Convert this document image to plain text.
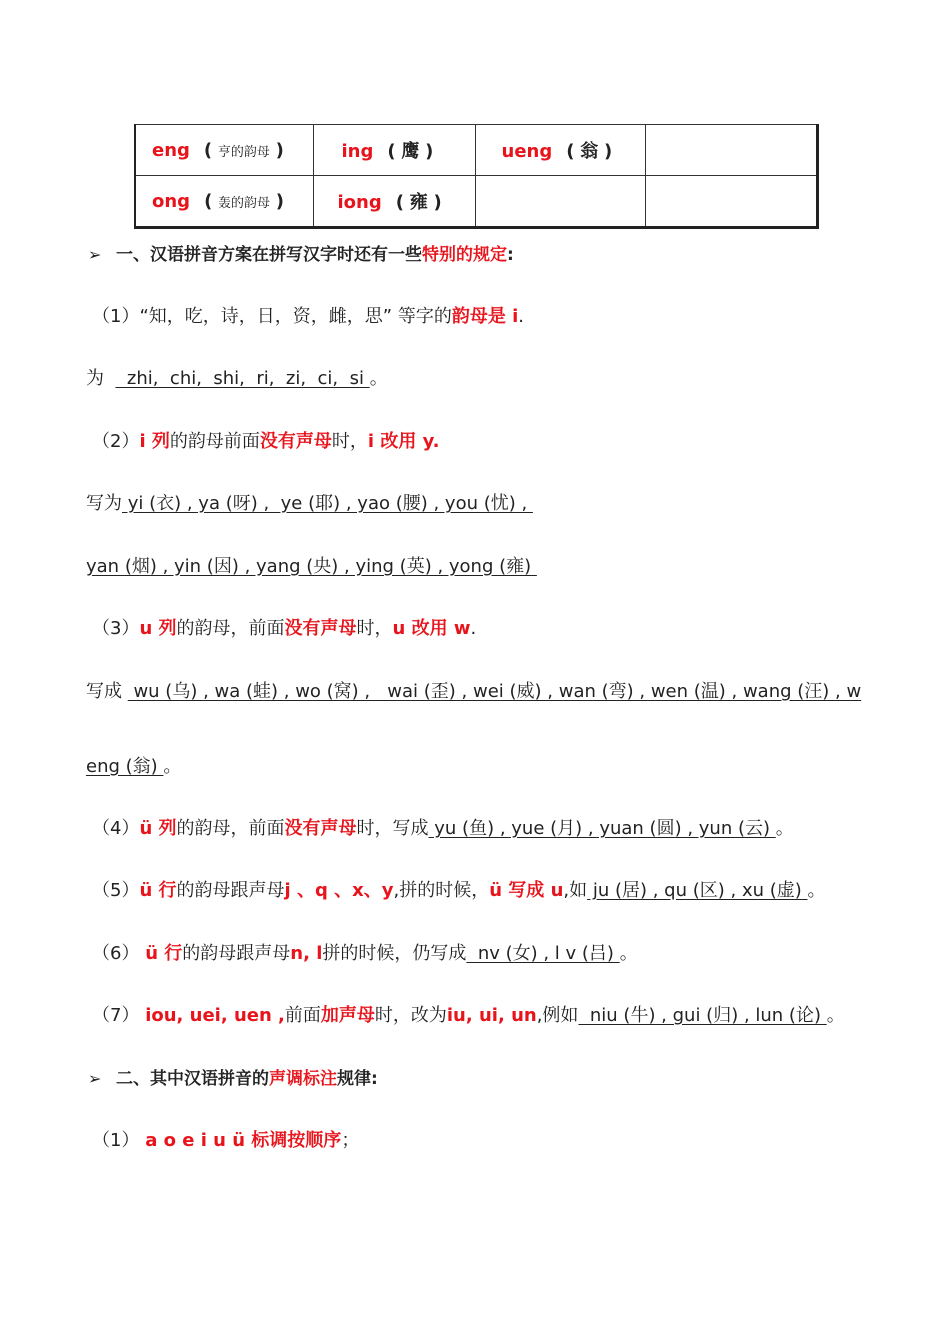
eng ( 亨的韵母 )	ing ( 鹰 )	ueng ( 翁 )	
ong ( 轰的韵母 )	iong ( 雍 )		
➢ 一、汉语拼音方案在拼写汉字时还有一些特别的规定:
（1）“知，吃，诗，日，资，雌，思” 等字的韵母是 i.
为    zhi,  chi,  shi,  ri,  zi,  ci,  si 。
（2）i 列的韵母前面没有声母时，i 改用 y.
写为 yi (衣) , ya (呀) ,  ye (耶) , yao (腰) , you (忧) ,
yan (烟) , yin (因) , yang (央) , ying (英) , yong (雍)
（3）u 列的韵母，前面没有声母时，u 改用 w.
写成  wu (乌) , wa (蛙) , wo (窝) ,   wai (歪) , wei (威) , wan (弯) , wen (温) , wang (汪) , w
eng (翁) 。
（4）ü 列的韵母，前面没有声母时，写成 yu (鱼) , yue (月) , yuan (圆) , yun (云) 。
（5）ü 行的韵母跟声母j 、q 、x、y,拼的时候，ü 写成 u,如 ju (居) , qu (区) , xu (虚) 。
（6） ü 行的韵母跟声母n, l拼的时候，仍写成  nv (女) , l v (吕) 。
（7） iou, uei, uen ,前面加声母时，改为iu, ui, un,例如  niu (牛) , gui (归) , lun (论) 。
➢ 二、其中汉语拼音的声调标注规律:
（1） a o e i u ü 标调按顺序；
